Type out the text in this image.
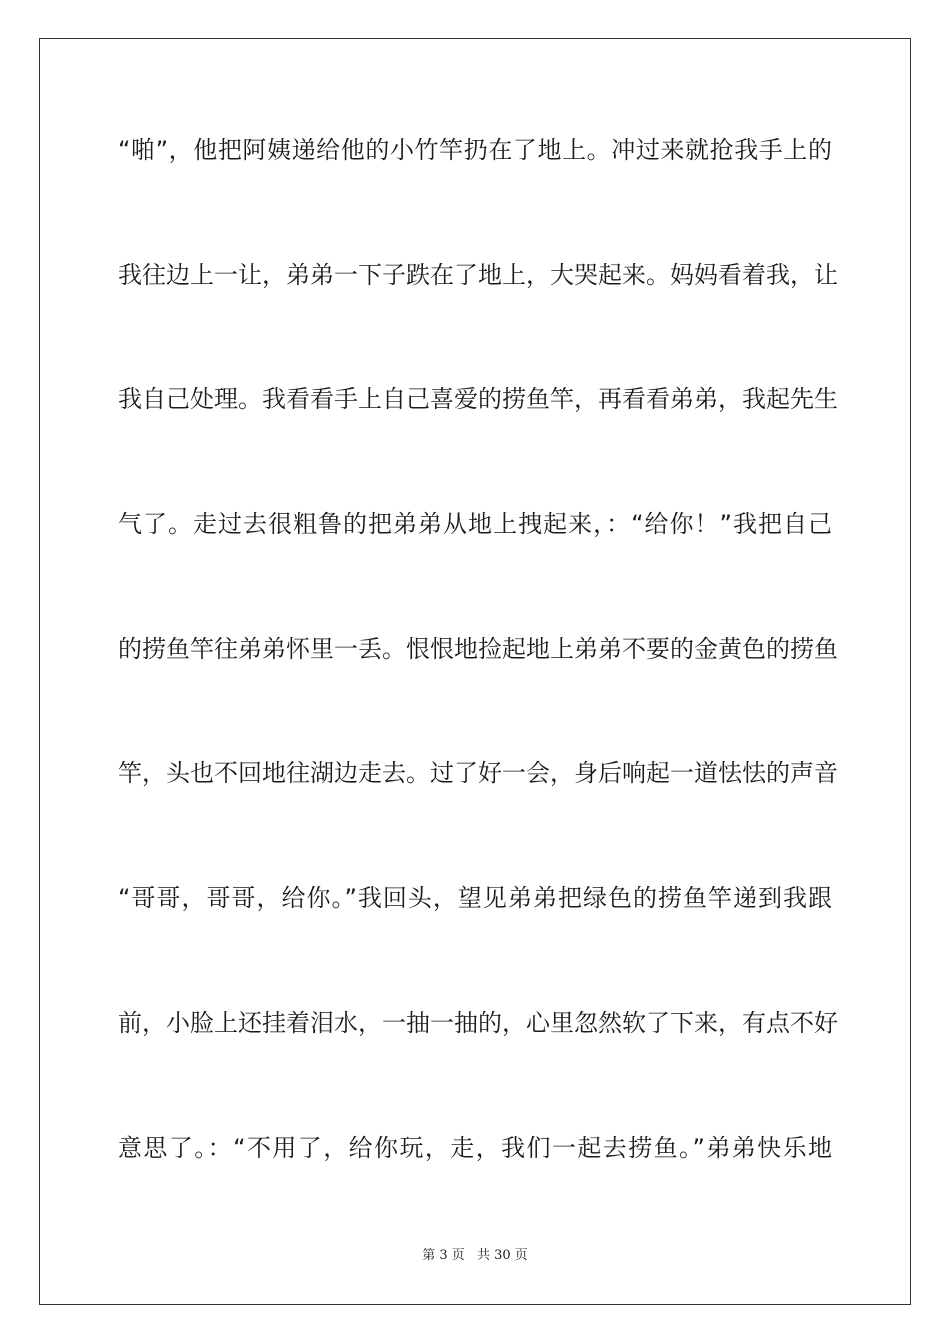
“啪”，他把阿姨递给他的小竹竿扔在了地上。冲过来就抢我手上的
我往边上一让，弟弟一下子跌在了地上，大哭起来。妈妈看着我，让
我自己处理。我看看手上自己喜爱的捞鱼竿，再看看弟弟，我起先生
气了。走过去很粗鲁的把弟弟从地上拽起来，：“给你！”我把自己
的捞鱼竿往弟弟怀里一丢。恨恨地捡起地上弟弟不要的金黄色的捞鱼
竿，头也不回地往湖边走去。过了好一会，身后响起一道怯怯的声音
“哥哥，哥哥，给你。”我回头，望见弟弟把绿色的捞鱼竿递到我跟
前，小脸上还挂着泪水，一抽一抽的，心里忽然软了下来，有点不好
意思了。：“不用了，给你玩，走，我们一起去捞鱼。”弟弟快乐地
第 3 页 共 30 页
